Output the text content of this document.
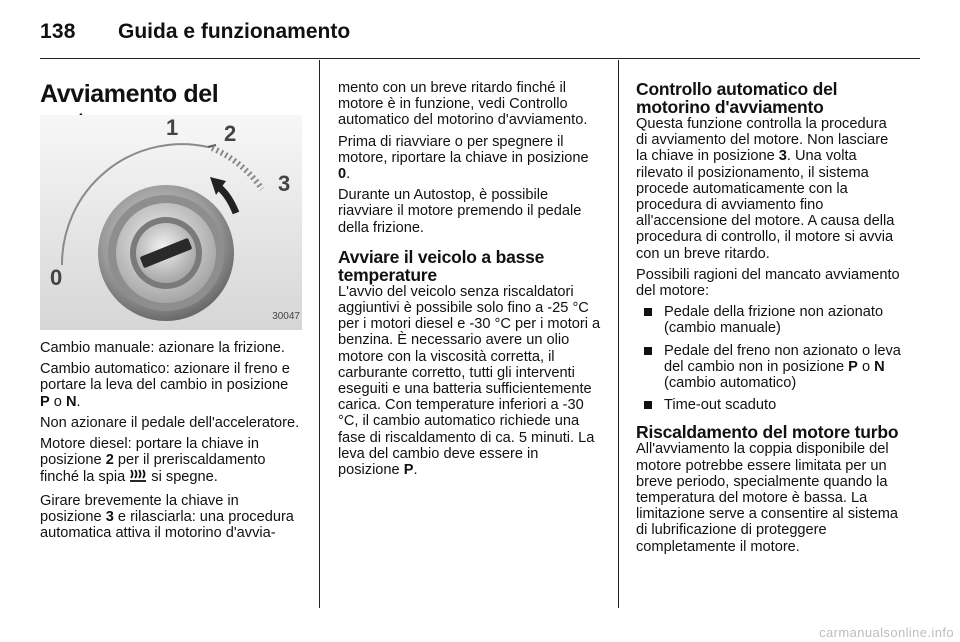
138 Guida e funzionamento
Avviamento del
0
1 2
3
30047

Cambio manuale: azionare la frizione.

Cambio automatico: azionare il freno e portare la leva del cambio in posizione P o N.

Non azionare il pedale dell'acceleratore.

Motore diesel: portare la chiave in posizione 2 per il preriscaldamento finché la spia  si spegne.

Girare brevemente la chiave in posizione 3 e rilasciarla: una procedura automatica attiva il motorino d'avvia-

mento con un breve ritardo finché il motore è in funzione, vedi Controllo automatico del motorino d'avviamento.

Prima di riavviare o per spegnere il motore, riportare la chiave in posizione 0.

Durante un Autostop, è possibile riavviare il motore premendo il pedale della frizione.

Avviare il veicolo a basse temperature

L'avvio del veicolo senza riscaldatori aggiuntivi è possibile solo fino a -25 °C per i motori diesel e -30 °C per i motori a benzina. È necessario avere un olio motore con la viscosità corretta, il carburante corretto, tutti gli interventi eseguiti e una batteria sufficientemente carica. Con temperature inferiori a -30 °C, il cambio automatico richiede una fase di riscaldamento di ca. 5 minuti. La leva del cambio deve essere in posizione P.

Controllo automatico del motorino d'avviamento

Questa funzione controlla la procedura di avviamento del motore. Non lasciare la chiave in posizione 3. Una volta rilevato il posizionamento, il sistema procede automaticamente con la procedura di avviamento fino all'accensione del motore. A causa della procedura di controllo, il motore si avvia con un breve ritardo.

Possibili ragioni del mancato avviamento del motore:

Pedale della frizione non azionato (cambio manuale)
Pedale del freno non azionato o leva del cambio non in posizione P o N (cambio automatico)
Time-out scaduto
Riscaldamento del motore turbo

All'avviamento la coppia disponibile del motore potrebbe essere limitata per un breve periodo, specialmente quando la temperatura del motore è bassa. La limitazione serve a consentire al sistema di lubrificazione di proteggere completamente il motore.

carmanualsonline.info
